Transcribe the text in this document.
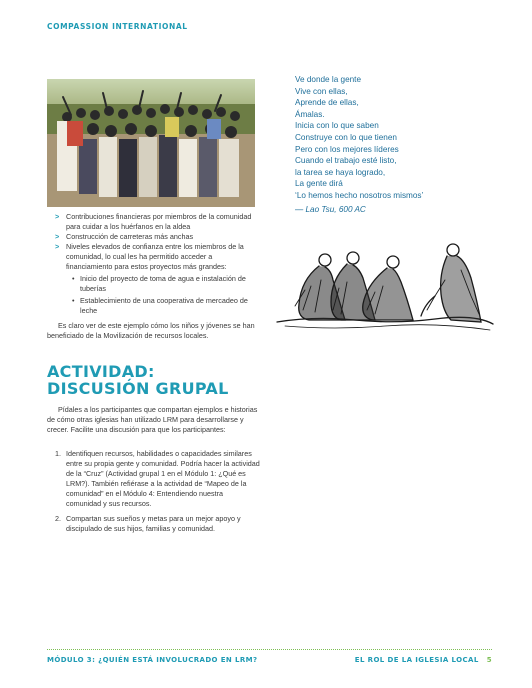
COMPASSION INTERNATIONAL
> Contribuciones financieras por miembros de la comunidad para cuidar a los huérfanos en la aldea
> Construcción de carreteras más anchas
> Niveles elevados de confianza entre los miembros de la comunidad, lo cual les ha permitido acceder a financiamiento para estos proyectos más grandes:
• Inicio del proyecto de toma de agua e instalación de tuberías
• Establecimiento de una cooperativa de mercadeo de leche
Es claro ver de este ejemplo cómo los niños y jóvenes se han beneficiado de la Movilización de recursos locales.
ACTIVIDAD:
DISCUSIÓN GRUPAL
Pídales a los participantes que compartan ejemplos e historias de cómo otras iglesias han utilizado LRM para desarrollarse y crecer. Facilite una discusión para que los participantes:
1. Identifiquen recursos, habilidades o capacidades similares entre su propia gente y comunidad. Podría hacer la actividad de la “Cruz” (Actividad grupal 1 en el Módulo 1: ¿Qué es LRM?). También refiérase a la actividad de “Mapeo de la comunidad” en el Módulo 4: Entendiendo nuestra comunidad y sus recursos.
2. Compartan sus sueños y metas para un mejor apoyo y discipulado de sus hijos, familias y comunidad.
Ve donde la gente
Vive con ellas,
Aprende de ellas,
Ámalas.
Inicia con lo que saben
Construye con lo que tienen
Pero con los mejores líderes
Cuando el trabajo esté listo,
la tarea se haya logrado,
La gente dirá
‘Lo hemos hecho nosotros mismos’
— Lao Tsu, 600 AC
MÓDULO 3: ¿QUIÉN ESTÁ INVOLUCRADO EN LRM?	EL ROL DE LA IGLESIA LOCAL 5
